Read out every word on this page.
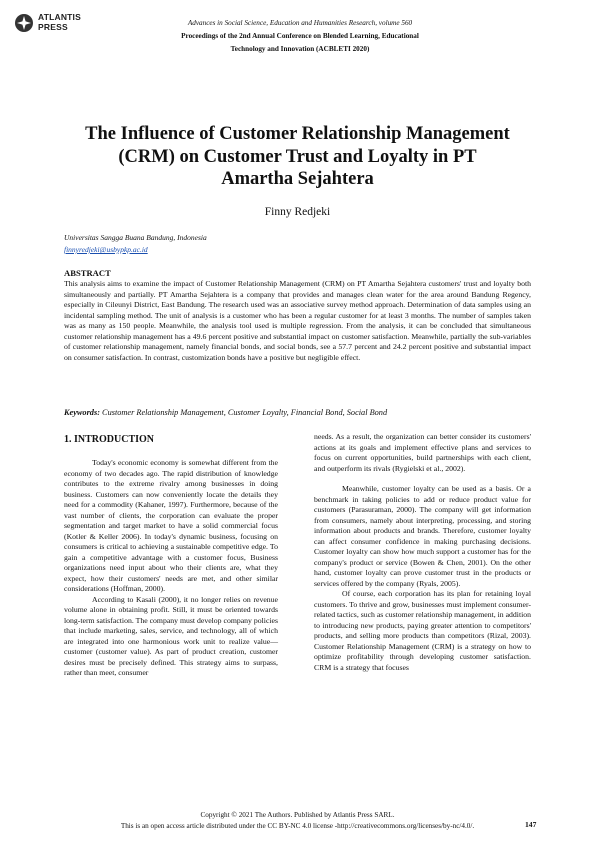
ATLANTIS
PRESS	Advances in Social Science, Education and Humanities Research, volume 560
Proceedings of the 2nd Annual Conference on Blended Learning, Educational
Technology and Innovation (ACBLETI 2020)
The Influence of Customer Relationship Management
(CRM) on Customer Trust and Loyalty in PT
Amartha Sejahtera
Finny Redjeki
Universitas Sangga Buana Bandung, Indonesia
finnyredjeki@usbypkp.ac.id
ABSTRACT
This analysis aims to examine the impact of Customer Relationship Management (CRM) on PT Amartha Sejahtera customers' trust and loyalty both simultaneously and partially. PT Amartha Sejahtera is a company that provides and manages clean water for the area around Bandung Regency, especially in Cileunyi District, East Bandung. The research used was an associative survey method approach. Determination of data samples using an incidental sampling method. The unit of analysis is a customer who has been a regular customer for at least 3 months. The number of samples taken was as many as 150 people. Meanwhile, the analysis tool used is multiple regression. From the analysis, it can be concluded that simultaneous customer relationship management has a 49.6 percent positive and substantial impact on customer satisfaction. Meanwhile, partially the sub-variables of customer relationship management, namely financial bonds, and social bonds, see a 57.7 percent and 24.2 percent positive and substantial impact on consumer satisfaction. In contrast, customization bonds have a positive but negligible effect.
Keywords: Customer Relationship Management, Customer Loyalty, Financial Bond, Social Bond
1. INTRODUCTION

Today's economic economy is somewhat different from the economy of two decades ago. The rapid distribution of knowledge contributes to the extreme rivalry among businesses in doing business. Customers can now conveniently locate the details they need for a commodity (Kahaner, 1997). Furthermore, because of the vast number of clients, the corporation can evaluate the proper segmentation and target market to have a solid commercial focus (Kotler & Keller 2006). In today's dynamic business, focusing on consumers is critical to achieving a sustainable competitive edge. To gain a competitive advantage with a customer focus, Business organizations need input about who their clients are, what they expect, how their customers' needs are met, and other similar considerations (Hoffman, 2000).

According to Kasali (2000), it no longer relies on revenue volume alone in obtaining profit. Still, it must be oriented towards long-term satisfaction. The company must develop company policies that include marketing, sales, service, and technology, all of which are integrated into one harmonious work unit to realize value—customer (customer value). As part of product creation, customer desires must be precisely defined. This strategy aims to surpass, rather than meet, consumer

needs. As a result, the organization can better consider its customers' actions at its goals and implement effective plans and services to focus on current opportunities, build partnerships with each client, and outperform its rivals (Rygielski et al., 2002).

Meanwhile, customer loyalty can be used as a basis. Or a benchmark in taking policies to add or reduce product value for customers (Parasuraman, 2000). The company will get information from consumers, namely about interpreting, processing, and storing information about products and brands. Therefore, customer loyalty can affect consumer confidence in making purchasing decisions. Customer loyalty can show how much support a customer has for the company's product or service (Bowen & Chen, 2001). On the other hand, customer loyalty can prove customer trust in the products or services offered by the company (Ryals, 2005).

Of course, each corporation has its plan for retaining loyal customers. To thrive and grow, businesses must implement consumer-related tactics, such as customer relationship management, in addition to introducing new products, paying greater attention to competitors' products, and selling more products than competitors (Rizal, 2003). Customer Relationship Management (CRM) is a strategy on how to optimize profitability through developing customer satisfaction. CRM is a strategy that focuses

Copyright © 2021 The Authors. Published by Atlantis Press SARL.
This is an open access article distributed under the CC BY-NC 4.0 license -http://creativecommons.org/licenses/by-nc/4.0/.	147
